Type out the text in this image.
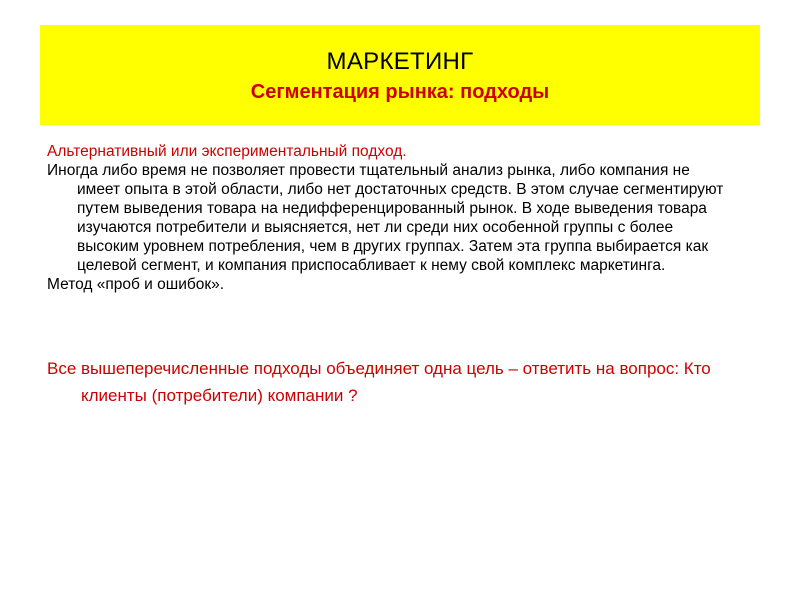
МАРКЕТИНГ
Сегментация рынка: подходы

Альтернативный или экспериментальный подход.

Иногда либо время не позволяет провести тщательный анализ рынка, либо компания не имеет опыта в этой области, либо нет достаточных средств. В этом случае сегментируют путем выведения товара на недифференцированный рынок. В ходе выведения товара изучаются потребители и выясняется, нет ли среди них особенной группы с более высоким уровнем потребления, чем в других группах. Затем эта группа выбирается как целевой сегмент, и компания приспосабливает к нему свой комплекс маркетинга.

Метод «проб и ошибок».

Все вышеперечисленные подходы объединяет одна цель – ответить на вопрос: Кто клиенты (потребители) компании ?
